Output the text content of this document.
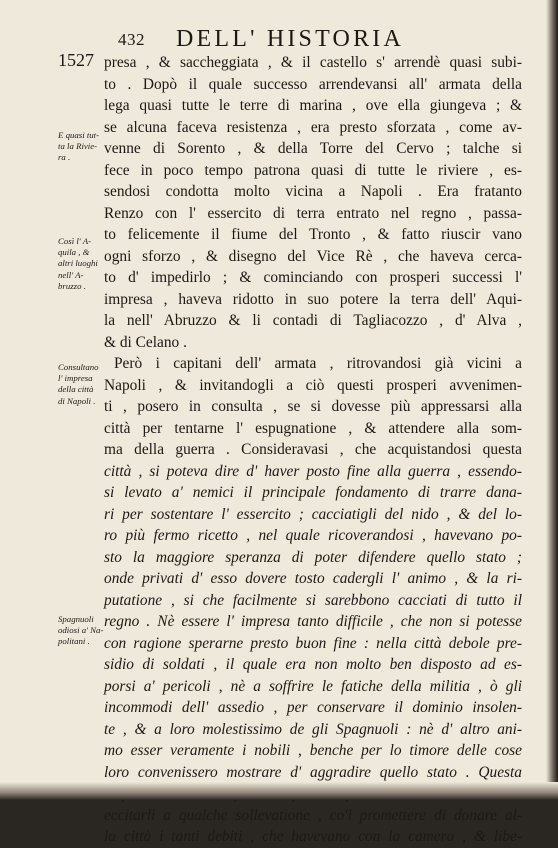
432 DELL' HISTORIA
1527
E quasi tut-
ta la Rivie-
ra .
Così l' A-
quila , &
altri luoghi
nell' A-
bruzzo .
Consultano
l' impresa
della città
di Napoli .
Spagnuoli
odiosi a' Na-
politani .
presa , & saccheggiata , & il castello s' arrendè quasi subi-
to . Dopò il quale successo arrendevansi all' armata della
lega quasi tutte le terre di marina , ove ella giungeva ; &
se alcuna faceva resistenza , era presto sforzata , come av-
venne di Sorento , & della Torre del Cervo ; talche si
fece in poco tempo patrona quasi di tutte le riviere , es-
sendosi condotta molto vicina a Napoli . Era fratanto
Renzo con l' essercito di terra entrato nel regno , passa-
to felicemente il fiume del Tronto , & fatto riuscir vano
ogni sforzo , & disegno del Vice Rè , che haveva cerca-
to d' impedirlo ; & cominciando con prosperi successi l'
impresa , haveva ridotto in suo potere la terra dell' Aqui-
la nell' Abruzzo & li contadi di Tagliacozzo , d' Alva ,
& di Celano .
Però i capitani dell' armata , ritrovandosi già vicini a
Napoli , & invitandogli a ciò questi prosperi avvenimen-
ti , posero in consulta , se si dovesse più appressarsi alla
città per tentarne l' espugnatione , & attendere alla som-
ma della guerra . Consideravasi , che acquistandosi questa
città , si poteva dire d' haver posto fine alla guerra , essendo-
si levato a' nemici il principale fondamento di trarre dana-
ri per sostentare l' essercito ; cacciatigli del nido , & del lo-
ro più fermo ricetto , nel quale ricoverandosi , havevano po-
sto la maggiore speranza di poter difendere quello stato ;
onde privati d' esso dovere tosto cadergli l' animo , & la ri-
putatione , si che facilmente si sarebbono cacciati di tutto il
regno . Nè essere l' impresa tanto difficile , che non si potesse
con ragione sperarne presto buon fine : nella città debole pre-
sidio di soldati , il quale era non molto ben disposto ad es-
porsi a' pericoli , nè a soffrire le fatiche della militia , ò gli
incommodi dell' assedio , per conservare il dominio insolen-
te , & a loro molestissimo de gli Spagnuoli : nè d' altro ani-
mo esser veramente i nobili , benche per lo timore delle cose
loro convenissero mostrare d' aggradire quello stato . Questa
eccitarli a qualche sollevatione , co'l promettere di donare al-
la città i tanti debiti , che havevano con la camera , & libe-
